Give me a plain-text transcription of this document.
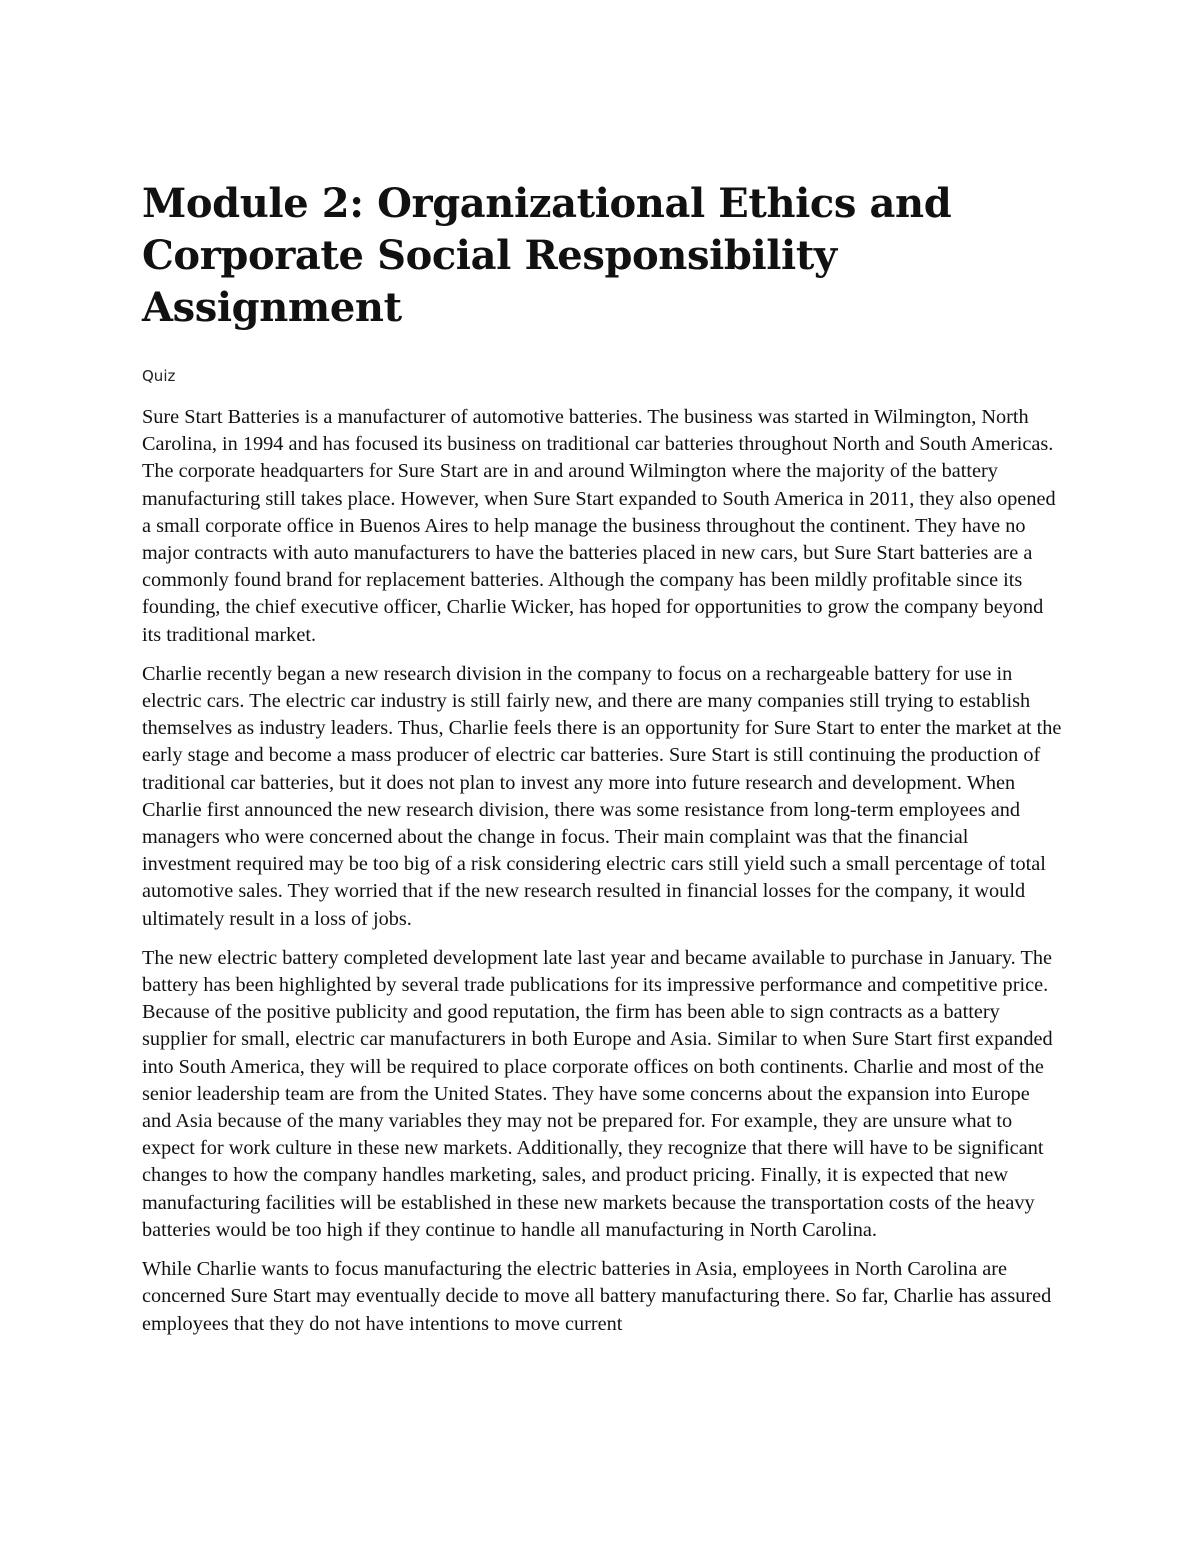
Module 2: Organizational Ethics and Corporate Social Responsibility Assignment
Quiz

Sure Start Batteries is a manufacturer of automotive batteries. The business was started in Wilmington, North Carolina, in 1994 and has focused its business on traditional car batteries throughout North and South Americas. The corporate headquarters for Sure Start are in and around Wilmington where the majority of the battery manufacturing still takes place. However, when Sure Start expanded to South America in 2011, they also opened a small corporate office in Buenos Aires to help manage the business throughout the continent. They have no major contracts with auto manufacturers to have the batteries placed in new cars, but Sure Start batteries are a commonly found brand for replacement batteries. Although the company has been mildly profitable since its founding, the chief executive officer, Charlie Wicker, has hoped for opportunities to grow the company beyond its traditional market.

Charlie recently began a new research division in the company to focus on a rechargeable battery for use in electric cars. The electric car industry is still fairly new, and there are many companies still trying to establish themselves as industry leaders. Thus, Charlie feels there is an opportunity for Sure Start to enter the market at the early stage and become a mass producer of electric car batteries. Sure Start is still continuing the production of traditional car batteries, but it does not plan to invest any more into future research and development. When Charlie first announced the new research division, there was some resistance from long-term employees and managers who were concerned about the change in focus. Their main complaint was that the financial investment required may be too big of a risk considering electric cars still yield such a small percentage of total automotive sales. They worried that if the new research resulted in financial losses for the company, it would ultimately result in a loss of jobs.

The new electric battery completed development late last year and became available to purchase in January. The battery has been highlighted by several trade publications for its impressive performance and competitive price. Because of the positive publicity and good reputation, the firm has been able to sign contracts as a battery supplier for small, electric car manufacturers in both Europe and Asia. Similar to when Sure Start first expanded into South America, they will be required to place corporate offices on both continents. Charlie and most of the senior leadership team are from the United States. They have some concerns about the expansion into Europe and Asia because of the many variables they may not be prepared for. For example, they are unsure what to expect for work culture in these new markets. Additionally, they recognize that there will have to be significant changes to how the company handles marketing, sales, and product pricing. Finally, it is expected that new manufacturing facilities will be established in these new markets because the transportation costs of the heavy batteries would be too high if they continue to handle all manufacturing in North Carolina.

While Charlie wants to focus manufacturing the electric batteries in Asia, employees in North Carolina are concerned Sure Start may eventually decide to move all battery manufacturing there. So far, Charlie has assured employees that they do not have intentions to move current
